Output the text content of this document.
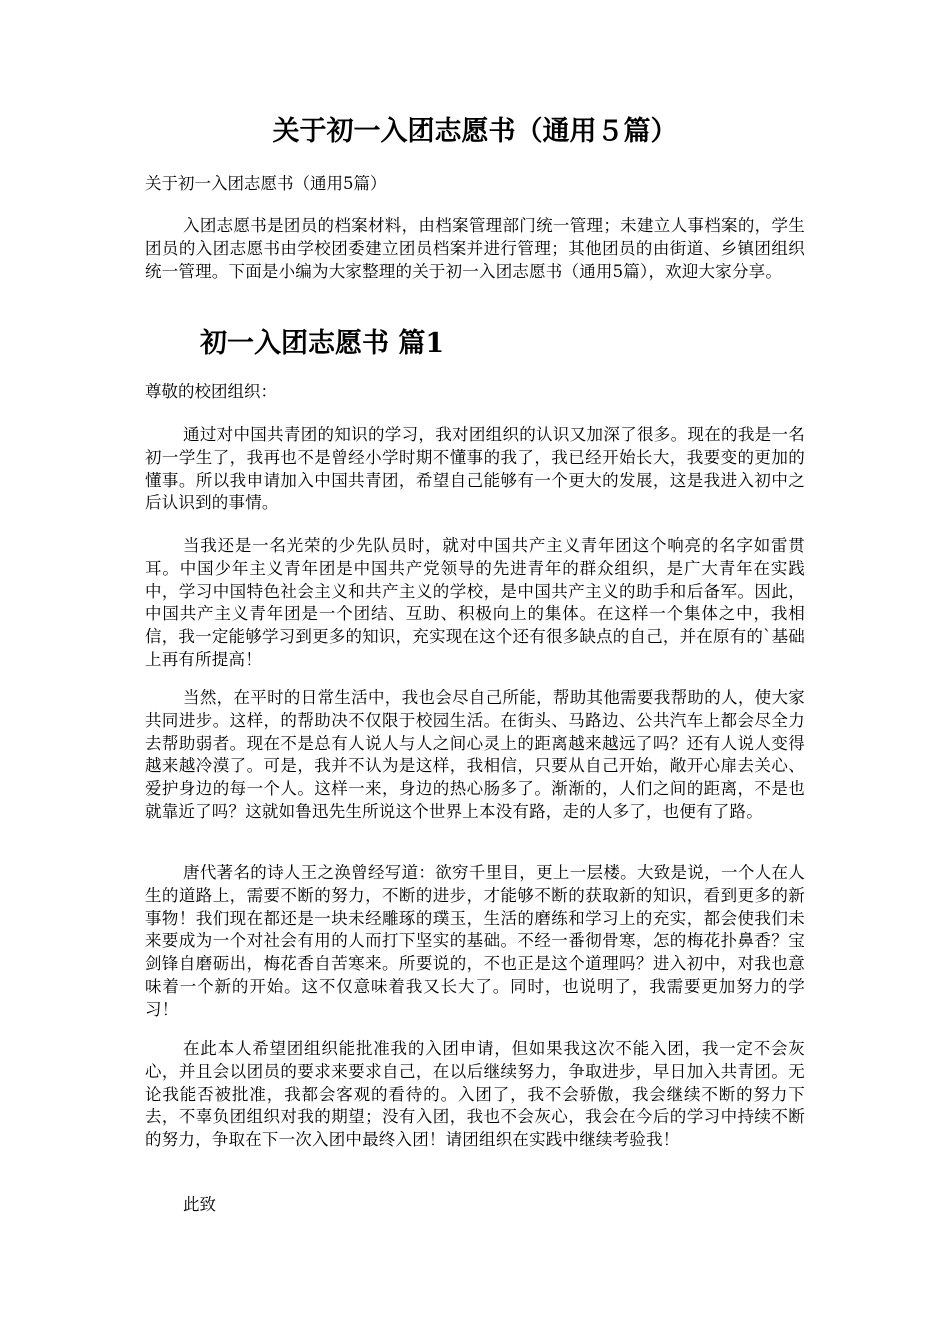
关于初一入团志愿书（通用５篇）

关于初一入团志愿书（通用5篇）

入团志愿书是团员的档案材料，由档案管理部门统一管理；未建立人事档案的，学生团员的入团志愿书由学校团委建立团员档案并进行管理；其他团员的由街道、乡镇团组织统一管理。下面是小编为大家整理的关于初一入团志愿书（通用5篇），欢迎大家分享。

初一入团志愿书 篇1

尊敬的校团组织：

通过对中国共青团的知识的学习，我对团组织的认识又加深了很多。现在的我是一名初一学生了，我再也不是曾经小学时期不懂事的我了，我已经开始长大，我要变的更加的懂事。所以我申请加入中国共青团，希望自己能够有一个更大的发展，这是我进入初中之后认识到的事情。

当我还是一名光荣的少先队员时，就对中国共产主义青年团这个响亮的名字如雷贯耳。中国少年主义青年团是中国共产党领导的先进青年的群众组织，是广大青年在实践中，学习中国特色社会主义和共产主义的学校，是中国共产主义的助手和后备军。因此，中国共产主义青年团是一个团结、互助、积极向上的集体。在这样一个集体之中，我相信，我一定能够学习到更多的知识，充实现在这个还有很多缺点的自己，并在原有的`基础上再有所提高！

当然，在平时的日常生活中，我也会尽自己所能，帮助其他需要我帮助的人，使大家共同进步。这样，的帮助决不仅限于校园生活。在街头、马路边、公共汽车上都会尽全力去帮助弱者。现在不是总有人说人与人之间心灵上的距离越来越远了吗？还有人说人变得越来越冷漠了。可是，我并不认为是这样，我相信，只要从自己开始，敞开心扉去关心、爱护身边的每一个人。这样一来，身边的热心肠多了。渐渐的，人们之间的距离，不是也就靠近了吗？这就如鲁迅先生所说这个世界上本没有路，走的人多了，也便有了路。

唐代著名的诗人王之涣曾经写道：欲穷千里目，更上一层楼。大致是说，一个人在人生的道路上，需要不断的努力，不断的进步，才能够不断的获取新的知识，看到更多的新事物！我们现在都还是一块未经雕琢的璞玉，生活的磨练和学习上的充实，都会使我们未来要成为一个对社会有用的人而打下坚实的基础。不经一番彻骨寒，怎的梅花扑鼻香？宝剑锋自磨砺出，梅花香自苦寒来。所要说的，不也正是这个道理吗？进入初中，对我也意味着一个新的开始。这不仅意味着我又长大了。同时，也说明了，我需要更加努力的学习！

在此本人希望团组织能批准我的入团申请，但如果我这次不能入团，我一定不会灰心，并且会以团员的要求来要求自己，在以后继续努力，争取进步，早日加入共青团。无论我能否被批准，我都会客观的看待的。入团了，我不会骄傲，我会继续不断的努力下去，不辜负团组织对我的期望；没有入团，我也不会灰心，我会在今后的学习中持续不断的努力，争取在下一次入团中最终入团！请团组织在实践中继续考验我！

此致
